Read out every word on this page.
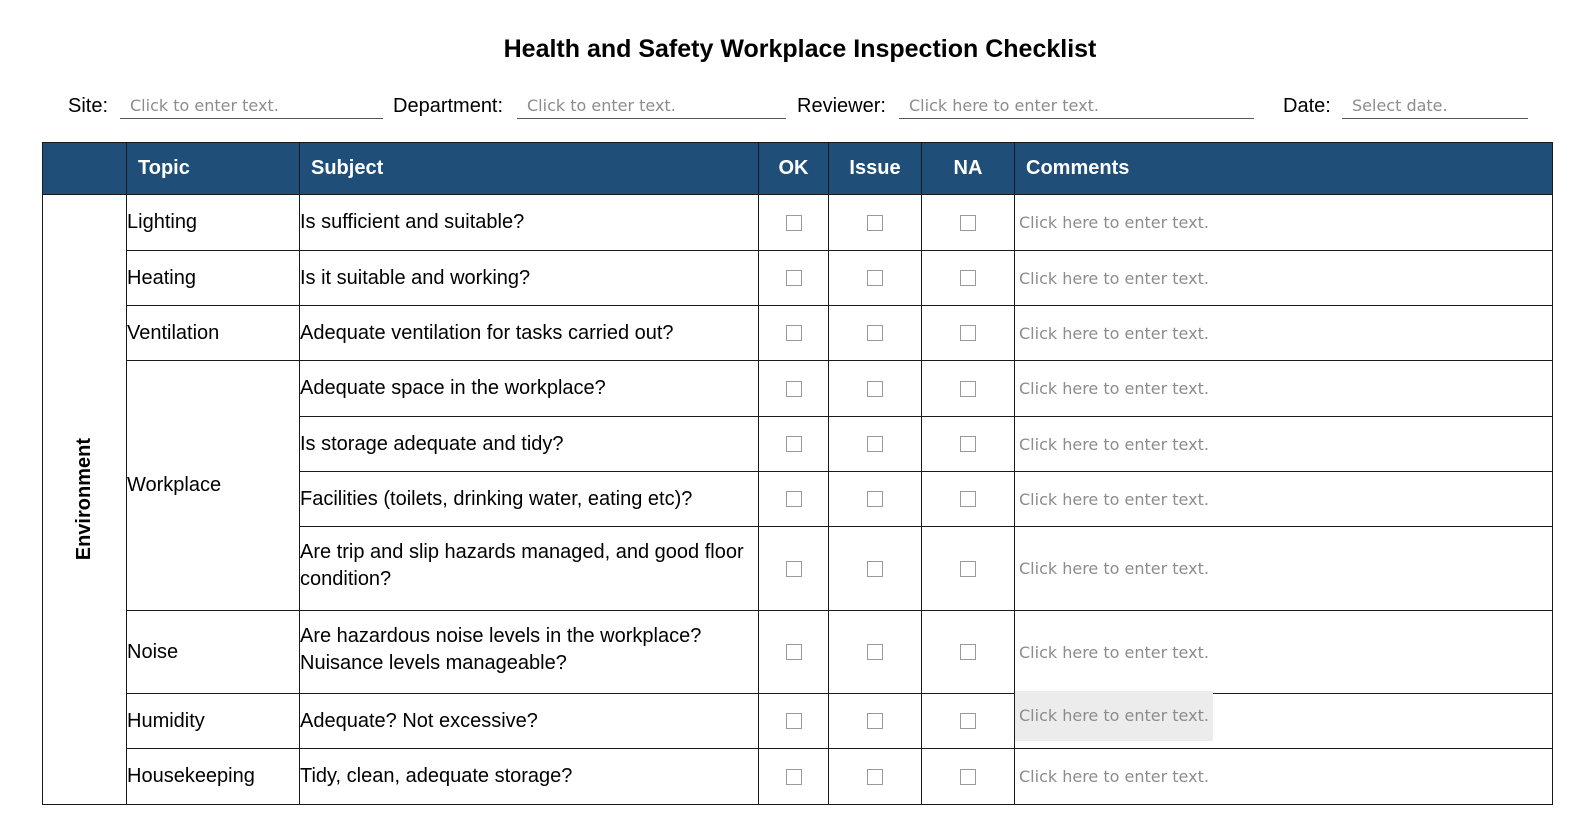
Health and Safety Workplace Inspection Checklist
Site:	Click to enter text.	Department:	Click to enter text.	Reviewer:	Click here to enter text.	Date:	Select date.
	Topic	Subject	OK	Issue	NA	Comments

Environment	Lighting	Is sufficient and suitable?				Click here to enter text.
	Heating	Is it suitable and working?				Click here to enter text.
	Ventilation	Adequate ventilation for tasks carried out?				Click here to enter text.
	Workplace	Adequate space in the workplace?				Click here to enter text.
		Is storage adequate and tidy?				Click here to enter text.
		Facilities (toilets, drinking water, eating etc)?				Click here to enter text.
		Are trip and slip hazards managed, and good floor condition?				Click here to enter text.
	Noise	Are hazardous noise levels in the workplace? Nuisance levels manageable?				Click here to enter text.
	Humidity	Adequate? Not excessive?				Click here to enter text.
	Housekeeping	Tidy, clean, adequate storage?				Click here to enter text.
